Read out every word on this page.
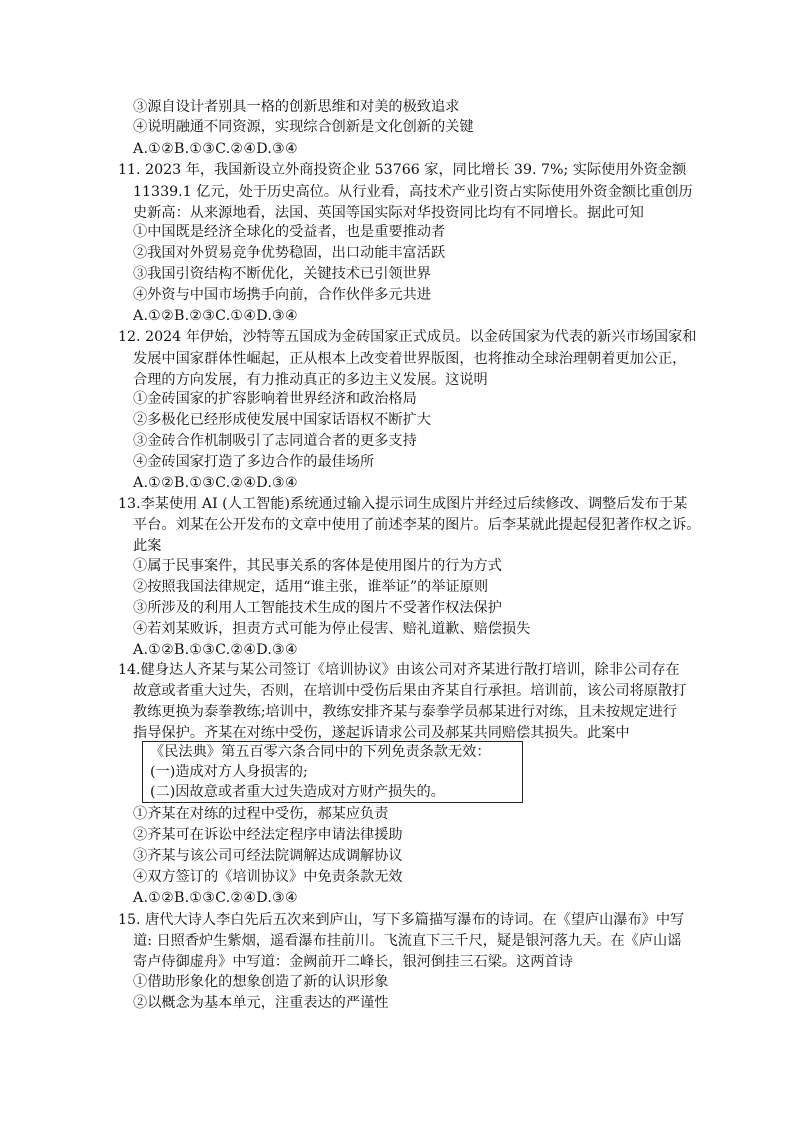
③源自设计者别具一格的创新思维和对美的极致追求
④说明融通不同资源，实现综合创新是文化创新的关键
A.①②B.①③C.②④D.③④
11. 2023 年，我国新设立外商投资企业 53766 家，同比增长 39. 7%; 实际使用外资金额
11339.1 亿元，处于历史高位。从行业看，高技术产业引资占实际使用外资金额比重创历
史新高：从来源地看，法国、英国等国实际对华投资同比均有不同增长。据此可知
①中国既是经济全球化的受益者，也是重要推动者
②我国对外贸易竞争优势稳固，出口动能丰富活跃
③我国引资结构不断优化，关键技术已引领世界
④外资与中国市场携手向前，合作伙伴多元共进
A.①②B.②③C.①④D.③④
12. 2024 年伊始，沙特等五国成为金砖国家正式成员。以金砖国家为代表的新兴市场国家和
发展中国家群体性崛起，正从根本上改变着世界版图，也将推动全球治理朝着更加公正，
合理的方向发展，有力推动真正的多边主义发展。这说明
①金砖国家的扩容影响着世界经济和政治格局
②多极化已经形成使发展中国家话语权不断扩大
③金砖合作机制吸引了志同道合者的更多支持
④金砖国家打造了多边合作的最佳场所
A.①②B.①③C.②④D.③④
13.李某使用 AI (人工智能)系统通过输入提示词生成图片并经过后续修改、调整后发布于某
平台。刘某在公开发布的文章中使用了前述李某的图片。后李某就此提起侵犯著作权之诉。
此案
①属于民事案件，其民事关系的客体是使用图片的行为方式
②按照我国法律规定，适用“谁主张，谁举证”的举证原则
③所涉及的利用人工智能技术生成的图片不受著作权法保护
④若刘某败诉，担责方式可能为停止侵害、赔礼道歉、赔偿损失
A.①②B.①③C.②④D.③④
14.健身达人齐某与某公司签订《培训协议》由该公司对齐某进行散打培训，除非公司存在
故意或者重大过失，否则，在培训中受伤后果由齐某自行承担。培训前，该公司将原散打
教练更换为泰拳教练;培训中，教练安排齐某与泰拳学员郝某进行对练，且未按规定进行
指导保护。齐某在对练中受伤，遂起诉请求公司及郝某共同赔偿其损失。此案中
《民法典》第五百零六条合同中的下列免责条款无效：
(一)造成对方人身损害的;
(二)因故意或者重大过失造成对方财产损失的。
①齐某在对练的过程中受伤，郝某应负责
②齐某可在诉讼中经法定程序申请法律援助
③齐某与该公司可经法院调解达成调解协议
④双方签订的《培训协议》中免责条款无效
A.①②B.①③C.②④D.③④
15. 唐代大诗人李白先后五次来到庐山，写下多篇描写瀑布的诗词。在《望庐山瀑布》中写
道: 日照香炉生紫烟，遥看瀑布挂前川。飞流直下三千尺，疑是银河落九天。在《庐山谣
寄卢侍御虚舟》中写道：金阙前开二峰长，银河倒挂三石梁。这两首诗
①借助形象化的想象创造了新的认识形象
②以概念为基本单元，注重表达的严谨性
